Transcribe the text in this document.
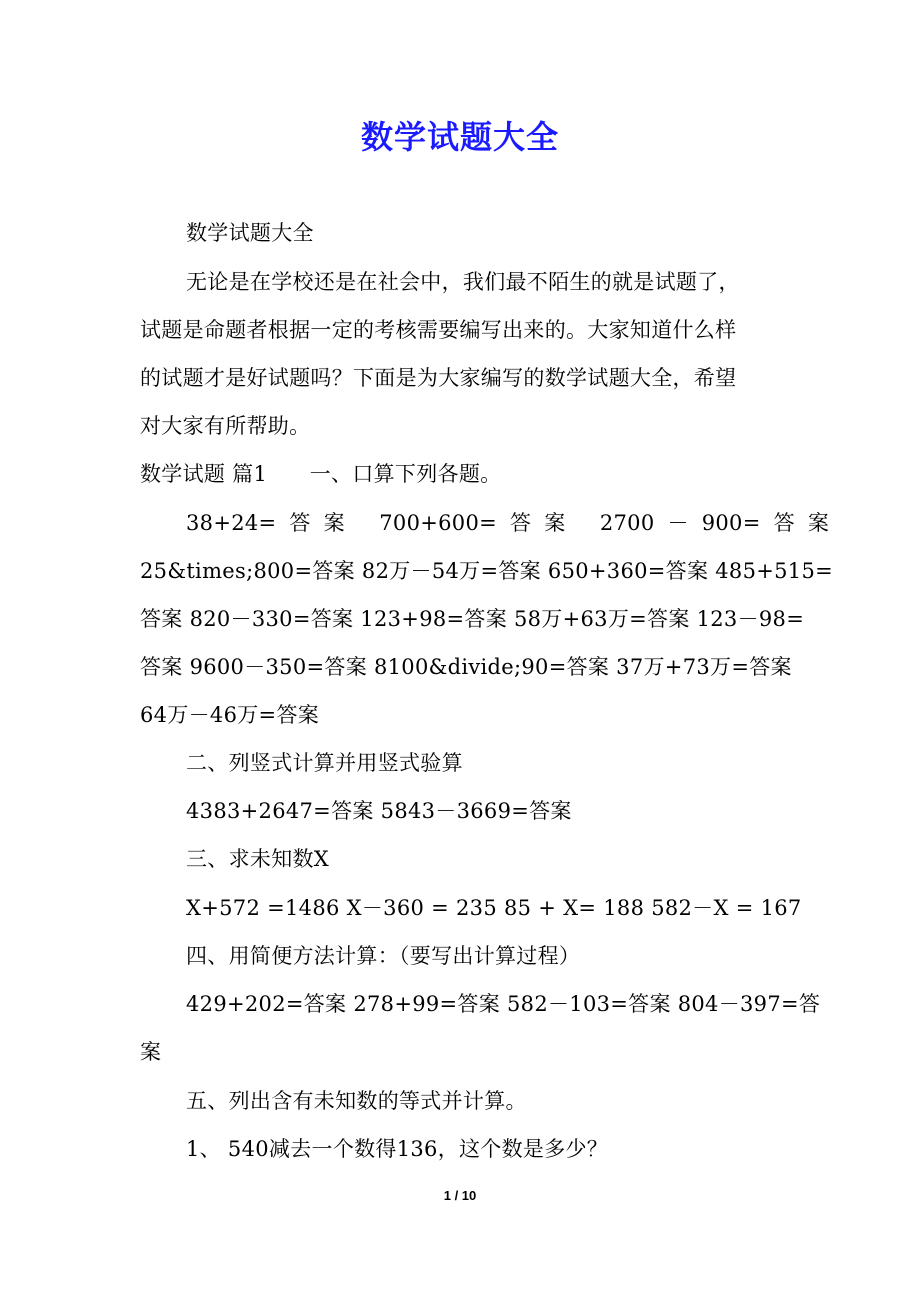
数学试题大全
数学试题大全
无论是在学校还是在社会中，我们最不陌生的就是试题了，
试题是命题者根据一定的考核需要编写出来的。大家知道什么样
的试题才是好试题吗？下面是为大家编写的数学试题大全，希望
对大家有所帮助。
数学试题 篇1　　一、口算下列各题。
38+24= 答 案　 700+600= 答 案　 2700 － 900= 答 案
25&times;800=答案 82万－54万=答案 650+360=答案 485+515=
答案 820－330=答案 123+98=答案 58万+63万=答案 123－98=
答案 9600－350=答案 8100&divide;90=答案 37万+73万=答案
64万－46万=答案
二、列竖式计算并用竖式验算
4383+2647=答案 5843－3669=答案
三、求未知数X
X+572 =1486 X－360 = 235 85 + X= 188 582－X = 167
四、用简便方法计算：（要写出计算过程）
429+202=答案 278+99=答案 582－103=答案 804－397=答
案
五、列出含有未知数的等式并计算。
1、 540减去一个数得136，这个数是多少？
1 / 10
